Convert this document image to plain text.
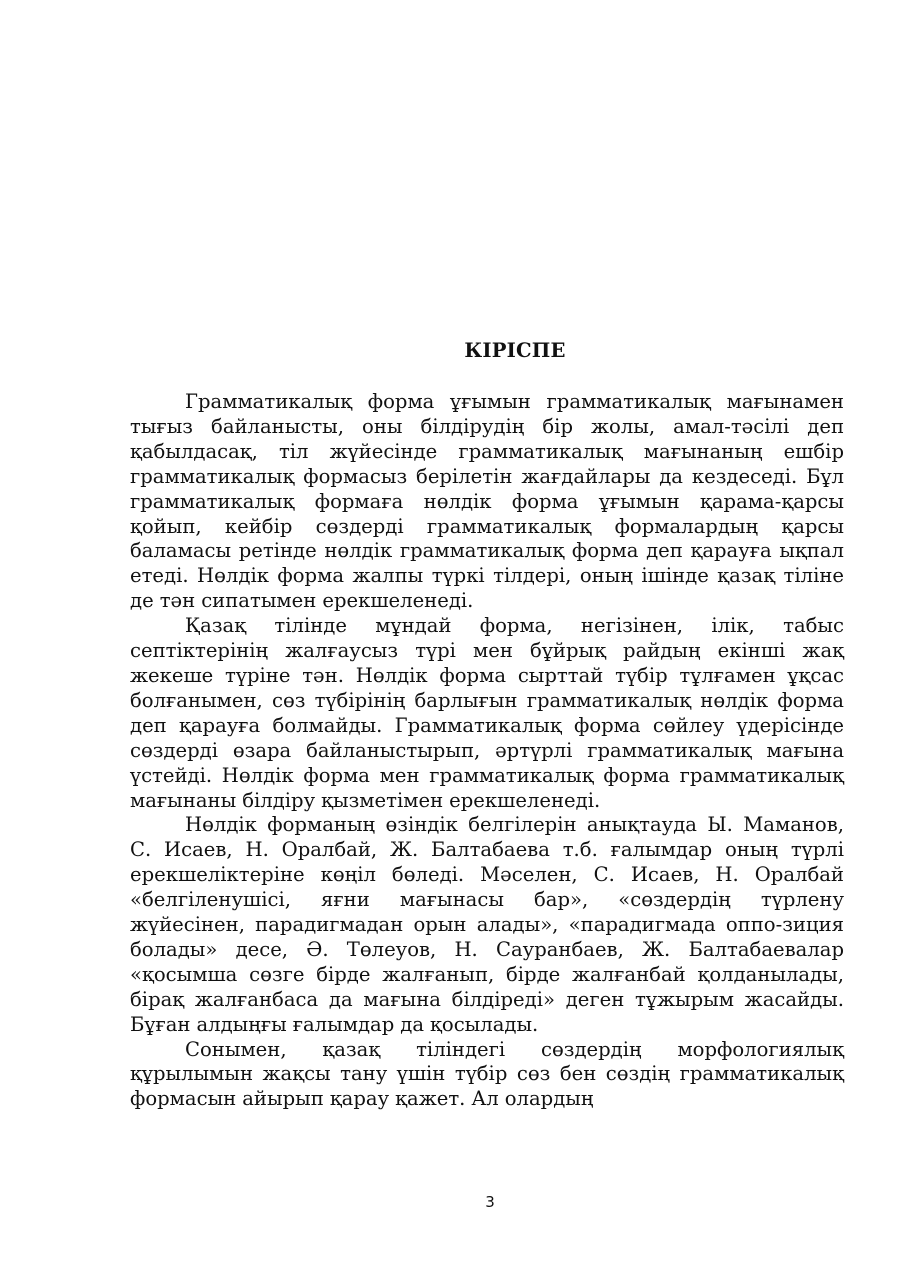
КІРІСПЕ

Грамматикалық форма ұғымын грамматикалық мағынамен тығыз байланысты, оны білдірудің бір жолы, амал-тәсілі деп қабылдасақ, тіл жүйесінде грамматикалық мағынаның ешбір грамматикалық формасыз берілетін жағдайлары да кездеседі. Бұл грамматикалық формаға нөлдік форма ұғымын қарама-қарсы қойып, кейбір сөздерді грамматикалық формалардың қарсы баламасы ретінде нөлдік грамматикалық форма деп қарауға ықпал етеді. Нөлдік форма жалпы түркі тілдері, оның ішінде қазақ тіліне де тән сипатымен ерекшеленеді.

Қазақ тілінде мұндай форма, негізінен, ілік, табыс септіктерінің жалғаусыз түрі мен бұйрық райдың екінші жақ жекеше түріне тән. Нөлдік форма сырттай түбір тұлғамен ұқсас болғанымен, сөз түбірінің барлығын грамматикалық нөлдік форма деп қарауға болмайды. Грамматикалық форма сөйлеу үдерісінде сөздерді өзара байланыстырып, әртүрлі грамматикалық мағына үстейді. Нөлдік форма мен грамматикалық форма грамматикалық мағынаны білдіру қызметімен ерекшеленеді.

Нөлдік форманың өзіндік белгілерін анықтауда Ы. Маманов, С. Исаев, Н. Оралбай, Ж. Балтабаева т.б. ғалымдар оның түрлі ерекшеліктеріне көңіл бөледі. Мәселен, С. Исаев, Н. Оралбай «белгіленушісі, яғни мағынасы бар», «сөздердің түрлену жүйесінен, парадигмадан орын алады», «парадигмада оппо-зиция болады» десе, Ә. Төлеуов, Н. Сауранбаев, Ж. Балтабаевалар «қосымша сөзге бірде жалғанып, бірде жалғанбай қолданылады, бірақ жалғанбаса да мағына білдіреді» деген тұжырым жасайды. Бұған алдыңғы ғалымдар да қосылады.

Сонымен, қазақ тіліндегі сөздердің морфологиялық құрылымын жақсы тану үшін түбір сөз бен сөздің грамматикалық формасын айырып қарау қажет. Ал олардың

3
